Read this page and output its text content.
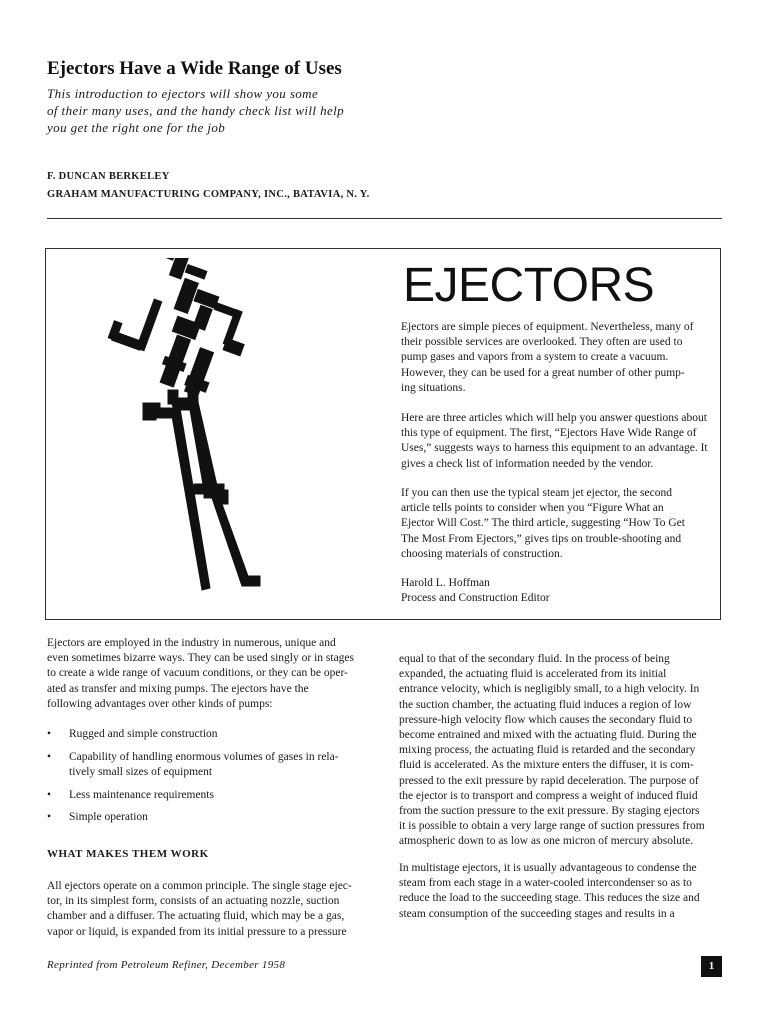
Ejectors Have a Wide Range of Uses
This introduction to ejectors will show you some
of their many uses, and the handy check list will help
you get the right one for the job
F. DUNCAN BERKELEY
GRAHAM MANUFACTURING COMPANY, INC., BATAVIA, N. Y.
EJECTORS
Ejectors are simple pieces of equipment. Nevertheless, many of
their possible services are overlooked. They often are used to
pump gases and vapors from a system to create a vacuum.
However, they can be used for a great number of other pump-
ing situations.
Here are three articles which will help you answer questions about
this type of equipment. The first, “Ejectors Have Wide Range of
Uses,” suggests ways to harness this equipment to an advantage. It
gives a check list of information needed by the vendor.
If you can then use the typical steam jet ejector, the second
article tells points to consider when you “Figure What an
Ejector Will Cost.” The third article, suggesting “How To Get
The Most From Ejectors,” gives tips on trouble-shooting and
choosing materials of construction.
Harold L. Hoffman
Process and Construction Editor
Ejectors are employed in the industry in numerous, unique and
even sometimes bizarre ways. They can be used singly or in stages
to create a wide range of vacuum conditions, or they can be oper-
ated as transfer and mixing pumps. The ejectors have the
following advantages over other kinds of pumps:
• Rugged and simple construction
• Capability of handling enormous volumes of gases in rela-
tively small sizes of equipment
• Less maintenance requirements
• Simple operation
WHAT MAKES THEM WORK
All ejectors operate on a common principle. The single stage ejec-
tor, in its simplest form, consists of an actuating nozzle, suction
chamber and a diffuser. The actuating fluid, which may be a gas,
vapor or liquid, is expanded from its initial pressure to a pressure
equal to that of the secondary fluid. In the process of being
expanded, the actuating fluid is accelerated from its initial
entrance velocity, which is negligibly small, to a high velocity. In
the suction chamber, the actuating fluid induces a region of low
pressure-high velocity flow which causes the secondary fluid to
become entrained and mixed with the actuating fluid. During the
mixing process, the actuating fluid is retarded and the secondary
fluid is accelerated. As the mixture enters the diffuser, it is com-
pressed to the exit pressure by rapid deceleration. The purpose of
the ejector is to transport and compress a weight of induced fluid
from the suction pressure to the exit pressure. By staging ejectors
it is possible to obtain a very large range of suction pressures from
atmospheric down to as low as one micron of mercury absolute.
In multistage ejectors, it is usually advantageous to condense the
steam from each stage in a water-cooled intercondenser so as to
reduce the load to the succeeding stage. This reduces the size and
steam consumption of the succeeding stages and results in a
Reprinted from Petroleum Refiner, December 1958	1
